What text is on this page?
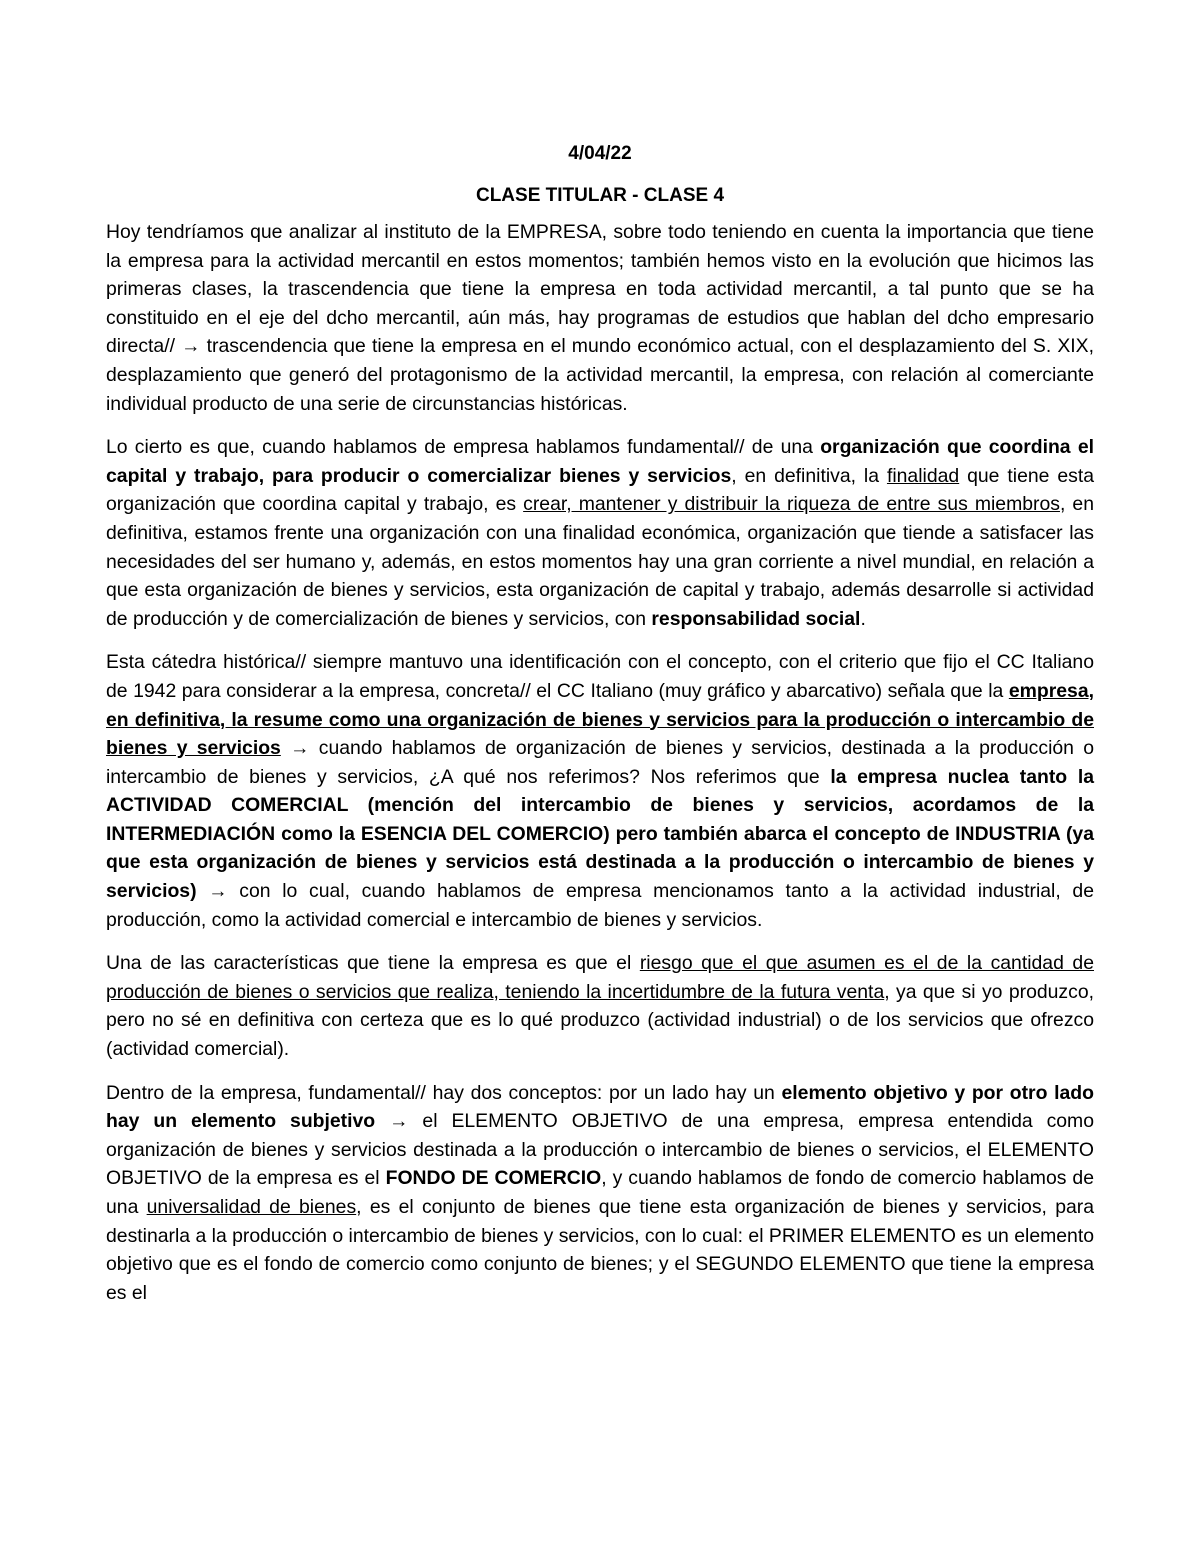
4/04/22
CLASE TITULAR - CLASE 4

Hoy tendríamos que analizar al instituto de la EMPRESA, sobre todo teniendo en cuenta la importancia que tiene la empresa para la actividad mercantil en estos momentos; también hemos visto en la evolución que hicimos las primeras clases, la trascendencia que tiene la empresa en toda actividad mercantil, a tal punto que se ha constituido en el eje del dcho mercantil, aún más, hay programas de estudios que hablan del dcho empresario directa// → trascendencia que tiene la empresa en el mundo económico actual, con el desplazamiento del S. XIX, desplazamiento que generó del protagonismo de la actividad mercantil, la empresa, con relación al comerciante individual producto de una serie de circunstancias históricas.

Lo cierto es que, cuando hablamos de empresa hablamos fundamental// de una organización que coordina el capital y trabajo, para producir o comercializar bienes y servicios, en definitiva, la finalidad que tiene esta organización que coordina capital y trabajo, es crear, mantener y distribuir la riqueza de entre sus miembros, en definitiva, estamos frente una organización con una finalidad económica, organización que tiende a satisfacer las necesidades del ser humano y, además, en estos momentos hay una gran corriente a nivel mundial, en relación a que esta organización de bienes y servicios, esta organización de capital y trabajo, además desarrolle si actividad de producción y de comercialización de bienes y servicios, con responsabilidad social.

Esta cátedra histórica// siempre mantuvo una identificación con el concepto, con el criterio que fijo el CC Italiano de 1942 para considerar a la empresa, concreta// el CC Italiano (muy gráfico y abarcativo) señala que la empresa, en definitiva, la resume como una organización de bienes y servicios para la producción o intercambio de bienes y servicios → cuando hablamos de organización de bienes y servicios, destinada a la producción o intercambio de bienes y servicios, ¿A qué nos referimos? Nos referimos que la empresa nuclea tanto la ACTIVIDAD COMERCIAL (mención del intercambio de bienes y servicios, acordamos de la INTERMEDIACIÓN como la ESENCIA DEL COMERCIO) pero también abarca el concepto de INDUSTRIA (ya que esta organización de bienes y servicios está destinada a la producción o intercambio de bienes y servicios) → con lo cual, cuando hablamos de empresa mencionamos tanto a la actividad industrial, de producción, como la actividad comercial e intercambio de bienes y servicios.

Una de las características que tiene la empresa es que el riesgo que el que asumen es el de la cantidad de producción de bienes o servicios que realiza, teniendo la incertidumbre de la futura venta, ya que si yo produzco, pero no sé en definitiva con certeza que es lo qué produzco (actividad industrial) o de los servicios que ofrezco (actividad comercial).

Dentro de la empresa, fundamental// hay dos conceptos: por un lado hay un elemento objetivo y por otro lado hay un elemento subjetivo → el ELEMENTO OBJETIVO de una empresa, empresa entendida como organización de bienes y servicios destinada a la producción o intercambio de bienes o servicios, el ELEMENTO OBJETIVO de la empresa es el FONDO DE COMERCIO, y cuando hablamos de fondo de comercio hablamos de una universalidad de bienes, es el conjunto de bienes que tiene esta organización de bienes y servicios, para destinarla a la producción o intercambio de bienes y servicios, con lo cual: el PRIMER ELEMENTO es un elemento objetivo que es el fondo de comercio como conjunto de bienes; y el SEGUNDO ELEMENTO que tiene la empresa es el
